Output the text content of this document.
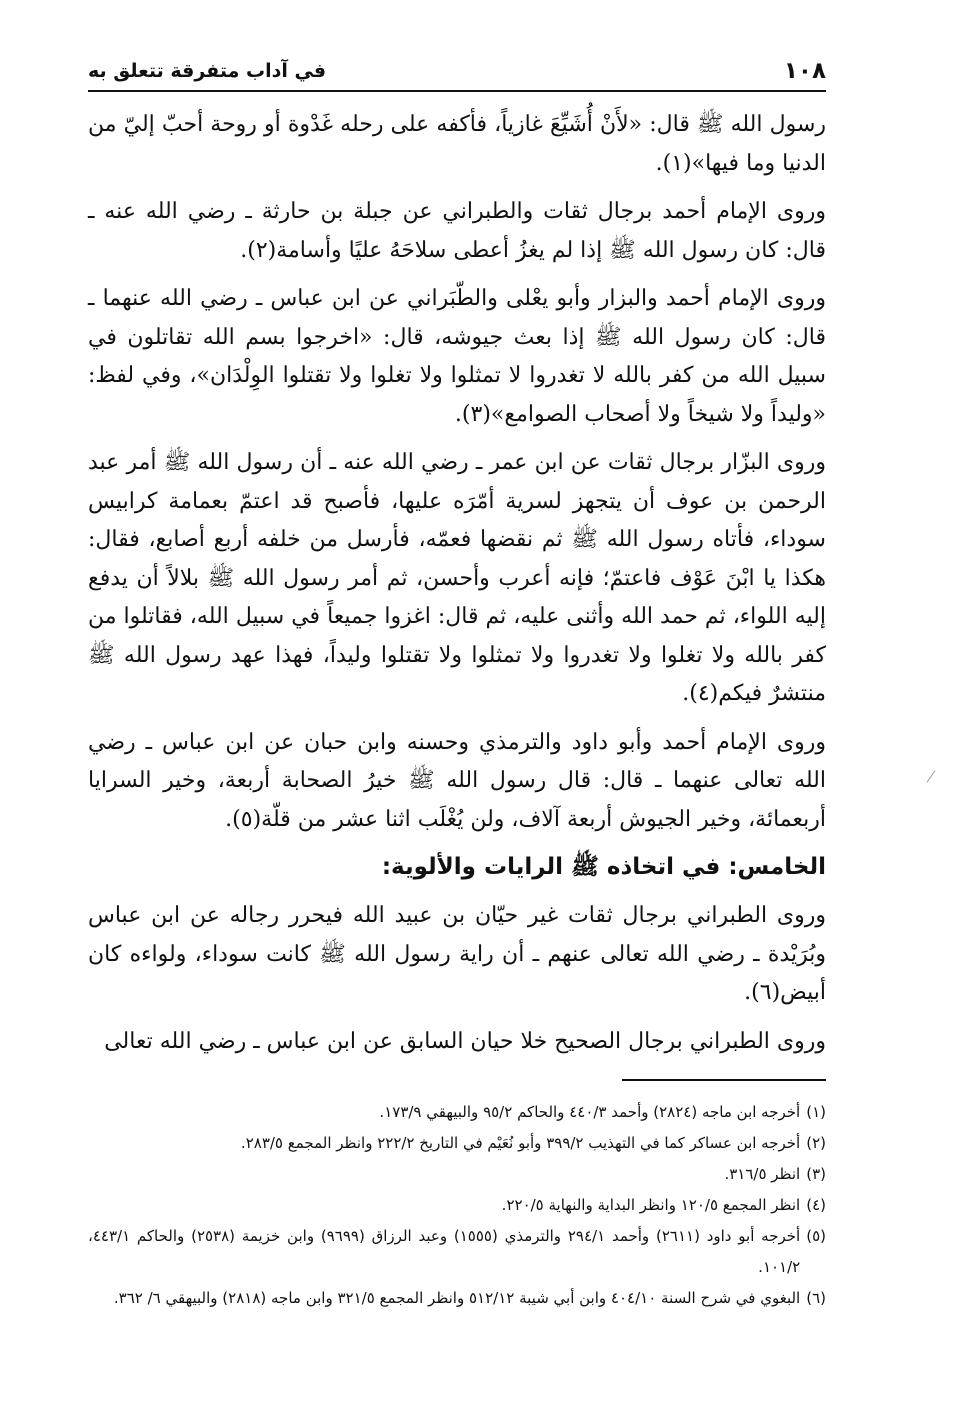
١٠٨
في آداب متفرقة تتعلق به

رسول الله ﷺ قال: «لأَنْ أُشَيِّعَ غازياً، فأكفه على رحله غَدْوة أو روحة أحبّ إليّ من الدنيا وما فيها»(١).

وروى الإمام أحمد برجال ثقات والطبراني عن جبلة بن حارثة ـ رضي الله عنه ـ قال: كان رسول الله ﷺ إذا لم يغزُ أعطى سلاحَهُ عليًا وأسامة(٢).

وروى الإمام أحمد والبزار وأبو يعْلى والطّبَراني عن ابن عباس ـ رضي الله عنهما ـ قال: كان رسول الله ﷺ إذا بعث جيوشه، قال: «اخرجوا بسم الله تقاتلون في سبيل الله من كفر بالله لا تغدروا لا تمثلوا ولا تغلوا ولا تقتلوا الوِلْدَان»، وفي لفظ: «وليداً ولا شيخاً ولا أصحاب الصوامع»(٣).

وروى البزّار برجال ثقات عن ابن عمر ـ رضي الله عنه ـ أن رسول الله ﷺ أمر عبد الرحمن بن عوف أن يتجهز لسرية أمّرَه عليها، فأصبح قد اعتمّ بعمامة كرابيس سوداء، فأتاه رسول الله ﷺ ثم نقضها فعمّه، فأرسل من خلفه أربع أصابع، فقال: هكذا يا ابْنَ عَوْف فاعتمّ؛ فإنه أعرب وأحسن، ثم أمر رسول الله ﷺ بلالاً أن يدفع إليه اللواء، ثم حمد الله وأثنى عليه، ثم قال: اغزوا جميعاً في سبيل الله، فقاتلوا من كفر بالله ولا تغلوا ولا تغدروا ولا تمثلوا ولا تقتلوا وليداً، فهذا عهد رسول الله ﷺ منتشرٌ فيكم(٤).

وروى الإمام أحمد وأبو داود والترمذي وحسنه وابن حبان عن ابن عباس ـ رضي الله تعالى عنهما ـ قال: قال رسول الله ﷺ خيرُ الصحابة أربعة، وخير السرايا أربعمائة، وخير الجيوش أربعة آلاف، ولن يُغْلَب اثنا عشر من قلّة(٥).

الخامس: في اتخاذه ﷺ الرايات والألوية:

وروى الطبراني برجال ثقات غير حيّان بن عبيد الله فيحرر رجاله عن ابن عباس وبُرَيْدة ـ رضي الله تعالى عنهم ـ أن راية رسول الله ﷺ كانت سوداء، ولواءه كان أبيض(٦).

وروى الطبراني برجال الصحيح خلا حيان السابق عن ابن عباس ـ رضي الله تعالى

(١)
أخرجه ابن ماجه (٢٨٢٤) وأحمد ٤٤٠/٣ والحاكم ٩٥/٢ والبيهقي ١٧٣/٩.
(٢)
أخرجه ابن عساكر كما في التهذيب ٣٩٩/٢ وأبو نُعَيْم في التاريخ ٢٢٢/٢ وانظر المجمع ٢٨٣/٥.
(٣)
انظر ٣١٦/٥.
(٤)
انظر المجمع ١٢٠/٥ وانظر البداية والنهاية ٢٢٠/٥.
(٥)
أخرجه أبو داود (٢٦١١) وأحمد ٢٩٤/١ والترمذي (١٥٥٥) وعبد الرزاق (٩٦٩٩) وابن خزيمة (٢٥٣٨) والحاكم ٤٤٣/١، ١٠١/٢.
(٦)
البغوي في شرح السنة ٤٠٤/١٠ وابن أبي شيبة ٥١٢/١٢ وانظر المجمع ٣٢١/٥ وابن ماجه (٢٨١٨) والبيهقي ٦/ ٣٦٢.
